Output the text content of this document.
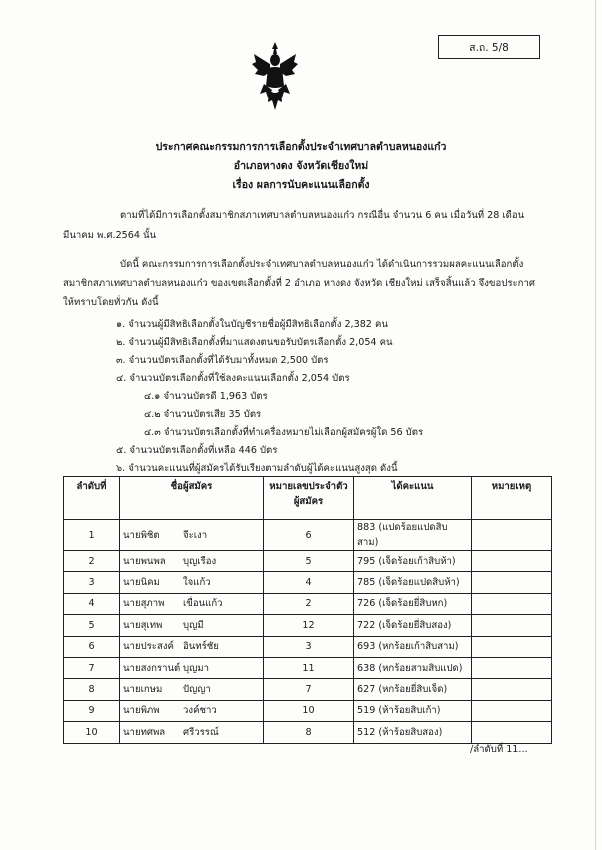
ส.ถ. 5/8
ประกาศคณะกรรมการการเลือกตั้งประจำเทศบาลตำบลหนองแก๋ว
อำเภอหางดง จังหวัดเชียงใหม่
เรื่อง ผลการนับคะแนนเลือกตั้ง
ตามที่ได้มีการเลือกตั้งสมาชิกสภาเทศบาลตำบลหนองแก๋ว กรณีอื่น จำนวน 6 คน เมื่อวันที่ 28 เดือน
มีนาคม พ.ศ.2564 นั้น
บัดนี้ คณะกรรมการการเลือกตั้งประจำเทศบาลตำบลหนองแก๋ว ได้ดำเนินการรวมผลคะแนนเลือกตั้ง
สมาชิกสภาเทศบาลตำบลหนองแก๋ว ของเขตเลือกตั้งที่ 2 อำเภอ หางดง จังหวัด เชียงใหม่ เสร็จสิ้นแล้ว จึงขอประกาศ
ให้ทราบโดยทั่วกัน ดังนี้
๑. จำนวนผู้มีสิทธิเลือกตั้งในบัญชีรายชื่อผู้มีสิทธิเลือกตั้ง 2,382 คน
๒. จำนวนผู้มีสิทธิเลือกตั้งที่มาแสดงตนขอรับบัตรเลือกตั้ง 2,054 คน
๓. จำนวนบัตรเลือกตั้งที่ได้รับมาทั้งหมด 2,500 บัตร
๔. จำนวนบัตรเลือกตั้งที่ใช้ลงคะแนนเลือกตั้ง 2,054 บัตร
๔.๑ จำนวนบัตรดี 1,963 บัตร
๔.๒ จำนวนบัตรเสีย 35 บัตร
๔.๓ จำนวนบัตรเลือกตั้งที่ทำเครื่องหมายไม่เลือกผู้สมัครผู้ใด 56 บัตร
๕. จำนวนบัตรเลือกตั้งที่เหลือ 446 บัตร
๖. จำนวนคะแนนที่ผู้สมัครได้รับเรียงตามลำดับผู้ได้คะแนนสูงสุด ดังนี้
ลำดับที่	ชื่อผู้สมัคร	หมายเลขประจำตัว ผู้สมัคร	ได้คะแนน	หมายเหตุ
1	นายพิชิต จีะเงา	6	883 (แปดร้อยแปดสิบสาม)	
2	นายพนพล บุญเรือง	5	795 (เจ็ดร้อยเก้าสิบห้า)	
3	นายนิคม ใจแก้ว	4	785 (เจ็ดร้อยแปดสิบห้า)	
4	นายสุภาพ เขื่อนแก้ว	2	726 (เจ็ดร้อยยี่สิบหก)	
5	นายสุเทพ บุญมี	12	722 (เจ็ดร้อยยี่สิบสอง)	
6	นายประสงค์ อินทร์ชัย	3	693 (หกร้อยเก้าสิบสาม)	
7	นายสงกรานต์ บุญมา	11	638 (หกร้อยสามสิบแปด)	
8	นายเกษม ปัญญา	7	627 (หกร้อยยี่สิบเจ็ด)	
9	นายพิภพ วงค์ชาว	10	519 (ห้าร้อยสิบเก้า)	
10	นายทศพล ศรีวรรณ์	8	512 (ห้าร้อยสิบสอง)	
/ลำดับที่ 11...
